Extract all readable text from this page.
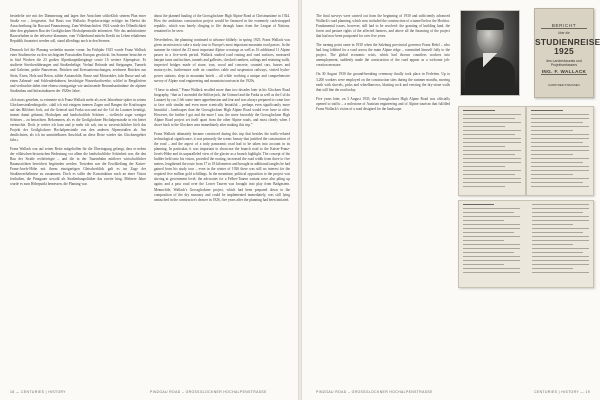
besiedelte wie mit der Dämmerung und lagen ihre Ansichten schließlich seinem Plan einer Straße vor – freigesetzt. Auf Basis von Wallacks Projektvorträge erfolgte im Herbst die Ausschreibung für Bau und Finanzierung. Zum Weihnachtsfest 1924 wurde der Öffentlichkeit über den geplanten Bau der Großglockner Hochalpenstraße informiert. Wie das ambitionierte Bauvorhaben in der teilweise klammen, vom Völkerbund mitteln Kredit im Leben erhaltenen Republik finanziert werden soll, stand allerdings noch in den Sternen.

Dennoch lief die Planung weiterhin munter voran: Im Frühjahr 1925 wurde Franz Wallack einer Studienreise zu den wichtigsten Passstraßen Europas geschickt. Im Sommer besuchte er in fünf Wochen die 23 großen Alpenhauptübergänge sowie 16 weitere Alpenpässe. Er studierte Streckenführungen und Straßenbeläge, Verlauf Befunde und Steigungen, Tunnels und Galerien, prüfte Bauweisen, Brücken und Kreisuntersuchungen, zeichnete Brücken aus Stein, Eisen, Holz und Beton, zählte Automobile, Busse und Motorräder, fuhr Busse und sah einen Zahnrad- und Schleuderbahnen, besichtigte Wasserkraftwerke, schlief in Bergdörfern und verbrachte dabei eine ebenso einzigartige wie umfassende Bestandsaufnahme der alpinen Straßenbau und Infrastrukturen der 1920er Jahre.

»Ich muss gestehen, so erinnerte sich Franz Wallack mehr als zwei Jahrzehnte später in seinen Glocknerstraßenbiografie, »daß ich mit einigem inneren Zagen und Bangen die Kraftwagen auf das Hilfsberi Joch, auf die Grimsel und Furka usw.und auf die Col du Lautaret benötigt, immer damit gebannt, Hochalpen und landschaftlich Schönes – vielleicht sogar weniger Schönes – zu betrachten. Bekommen, als es die Großglockner Hochalpenstraße in ein bietet vermochte. Doch je weiter ich kam und je mehr ich sah, um so zuversichtlicher hielt das Projekt der Großglockner Hochalpenstraße von den anderen Alpenstraßen ab. Am deutlichsten, als ich im unmittelbaren Anschluß an diese Reise wieder das Glocknergebiet fuhr.«

Franz Wallack war auf seiner Reise mitgeholfen für die Übertragung gefangt, dass er neben der völkischen-historischen Bedeutung vor allem die landschaftliche Schönheit war, die den Bau der Straße rechtfertigte – und die in der Tauernbahn mittlerer wirtschaftlicher Bauaussichten bereichert begründen werden. Trotzdem war die Erschließung der Kaiser-Franz-Josefs-Höhe mit ihrem einzigartigen Gletscherblick galt es im Zuge der Straßenverhältnisse zu zusammen. Doch es sollte der Konstruktion noch an einer Vision festhalten, die Pinzgauer sowohl als Straßenbaupolitiker das zweite hing. Mehrere Jahre wurde es zum Höhepunkt bemessen, die Planung war.

about the planned hauling of the Grossglockner High Alpine Road at Christmastime in 1924. How the ambitious construction project would be financed in the extremely cash-strapped republic, which was barely clinging to life through loans from the League of Nations, remained to be seen.

Nevertheless, the planning continued to advance blithely: in spring 1925, Franz Wallack was given an mission to take a study tour to Europe's most important mountain road passes. In the summer he visited the 23 most important Alpine crossings as well as 16 additional 11 Alpine passes in a five-week period. Wallack studied road routing and road surfaces, measured hairpin turns and inclines, tunnels and galleries, checked cambers, railings and retaining walls, inspected bridges made of stone, iron, wood and concrete, counted cars, busses and motorcycles, furthermore rode on countless cable and suspension railways, visited hydro- power stations, slept in mountain hotels – all while working a unique and comprehensive survey of Alpine road engineering and mountain tourism in the 1920s.

“I have to admit,” Franz Wallack recalled more than two decades later in his Glockner Road biography, “that as I ascended the Stilfserjoch, the Grimsel and the Furka as well as the Col du Lautaret by car, I felt some inner apprehension and fear and was always prepared to come face to face with similar and even more scenically beautiful – perhaps even significantly more beautiful – landscapes than the Grossglockner High Alpine Road would ever have to offer. However, the further I got and the more I saw, the more favorably the Grossglockner High Alpine Road project set itself apart from the other Alpine roads, and most clearly when I drove back to the Glockner area immediately after making this trip.”

Franz Wallack ultimately became convinced during this trip that besides the traffic-related technological significance, it was primarily the scenic beauty that justified the construction of the road – and the aspect of a truly panoramic road had to be taken into account in its planning. In particular, it was important to showcase the branch road to the Kaiser-Franz-Josefs-Höhe and its unparalleled view of the glacier as a branch highlight. The concept of the builder held onto his vision, provided the routing, increased the road width from three to five meters, lengthened the route from 17 to 18 kilometers and brought in additional tangles he had gained from his study tour – even in the winter of 1926 there was still no interest for the required five million gold schillings. In the meantime, political opposition to the project was stirring at government level; the advocates for a Felber-Tauern variant were also piling up again; and a pass road over the Lower Tauern was brought into play from Badgastein. Meanwhile, Wallack's Grossglockner project, which had been prepared down to the composition of the dry masonry and could be implemented immediately, was still lying untouched in the constructor's drawer in 1926, five years after the planning had been initiated.

18 — CENTURIES | HISTORY	PINZGAU ROAD – GROSSGLOCKNER HOCHALPENSTRASSE

The final surveys were carried out from the beginning of 1930 and sufficiently advanced Wallack's road planning, which now included the construction of a tunnel below the Hochtor. Fundamental issues, however, still had to be resolved: the granting of building land, the forest and pasture rights of the affected farmers, and above all the financing of the project that had now been postponed for over five years.

The turning point came in 1930 when the Salzburg provincial governor Franz Rehrl – who had long lobbied for a road across the main Alpine ridge – committed himself fully to the project. The global economic crisis, which had thrown countless workers into unemployment, suddenly made the construction of the road appear as a welcome job-creation measure.

On 30 August 1930 the ground-breaking ceremony finally took place in Ferleiten. Up to 3,200 workers were employed on the construction sites during the summer months, moving earth with shovels, picks and wheelbarrows, blasting rock and erecting the dry-stone walls that still line the road today.

Five years later, on 3 August 1935, the Grossglockner High Alpine Road was officially opened to traffic – a milestone of Austrian engineering and of Alpine tourism that fulfilled Franz Wallack's vision of a road designed for the landscape.

BERICHT
über die
STUDIENREISE 1925
des Landesbaurats und Projektverfassers
ING. F. WALLACK
KARNTNER STRASSEN
PINZGAU ROAD – GROSSGLOCKNER HOCHALPENSTRASSE	CENTURIES | HISTORY — 19
